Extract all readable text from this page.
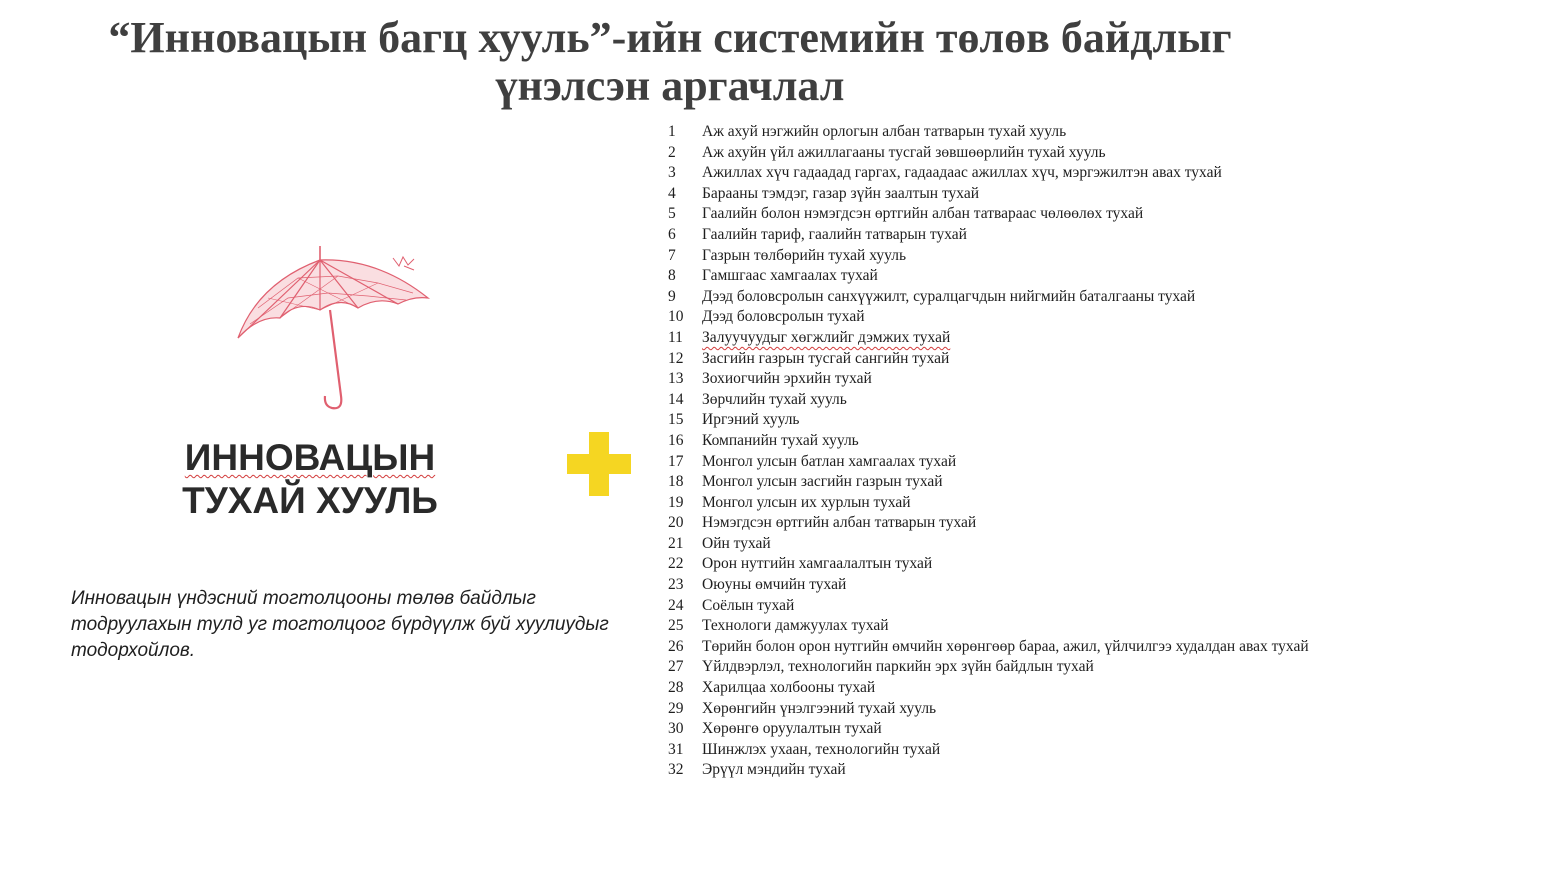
“Инновацын багц хууль”-ийн системийн төлөв байдлыг
үнэлсэн аргачлал
ИННОВАЦЫН
ТУХАЙ ХУУЛЬ
Инновацын үндэсний тогтолцооны төлөв байдлыг тодруулахын тулд уг тогтолцоог бүрдүүлж буй хуулиудыг тодорхойлов.
1 Аж ахуй нэгжийн орлогын албан татварын тухай хууль
2 Аж ахуйн үйл ажиллагааны тусгай зөвшөөрлийн тухай хууль
3 Ажиллах хүч гадаадад гаргах, гадаадаас ажиллах хүч, мэргэжилтэн авах тухай
4 Барааны тэмдэг, газар зүйн заалтын тухай
5 Гаалийн болон нэмэгдсэн өртгийн албан татвараас чөлөөлөх тухай
6 Гаалийн тариф, гаалийн татварын тухай
7 Газрын төлбөрийн тухай хууль
8 Гамшгаас хамгаалах тухай
9 Дээд боловсролын санхүүжилт, суралцагчдын нийгмийн баталгааны тухай
10 Дээд боловсролын тухай
11 Залуучуудыг хөгжлийг дэмжих тухай
12 Засгийн газрын тусгай сангийн тухай
13 Зохиогчийн эрхийн тухай
14 Зөрчлийн тухай хууль
15 Иргэний хууль
16 Компанийн тухай хууль
17 Монгол улсын батлан хамгаалах тухай
18 Монгол улсын засгийн газрын тухай
19 Монгол улсын их хурлын тухай
20 Нэмэгдсэн өртгийн албан татварын тухай
21 Ойн тухай
22 Орон нутгийн хамгаалалтын тухай
23 Оюуны өмчийн тухай
24 Соёлын тухай
25 Технологи дамжуулах тухай
26 Төрийн болон орон нутгийн өмчийн хөрөнгөөр бараа, ажил, үйлчилгээ худалдан авах тухай
27 Үйлдвэрлэл, технологийн паркийн эрх зүйн байдлын тухай
28 Харилцаа холбооны тухай
29 Хөрөнгийн үнэлгээний тухай хууль
30 Хөрөнгө оруулалтын тухай
31 Шинжлэх ухаан, технологийн тухай
32 Эрүүл мэндийн тухай
